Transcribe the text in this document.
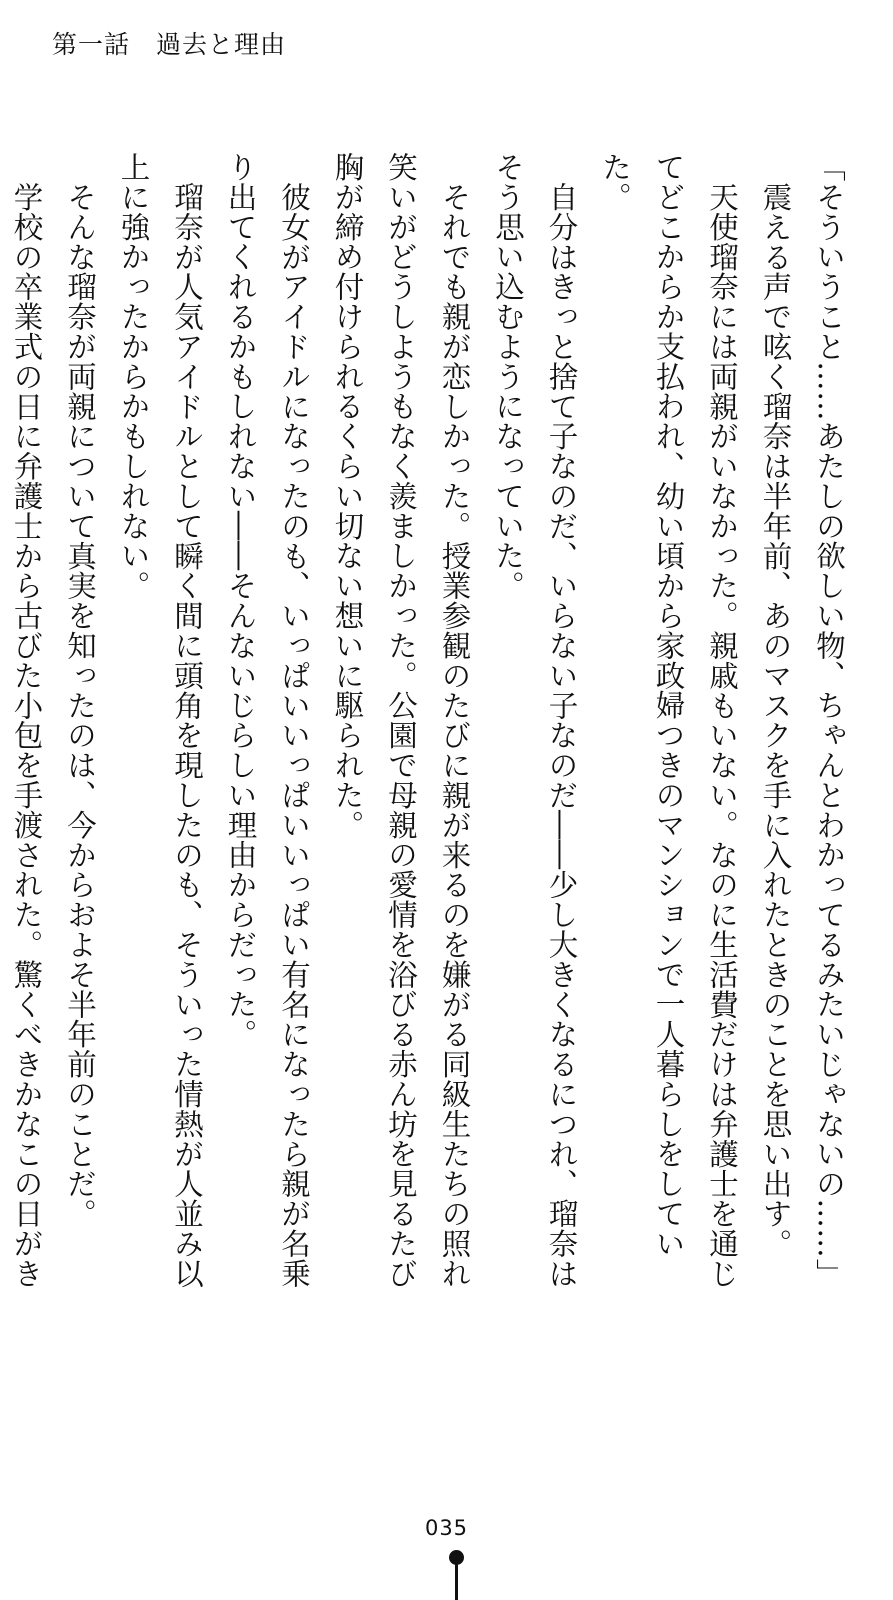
第一話　過去と理由

「そういうこと……あたしの欲しい物、ちゃんとわかってるみたいじゃないの……」

震える声で呟く瑠奈は半年前、あのマスクを手に入れたときのことを思い出す。

天使瑠奈には両親がいなかった。親戚もいない。なのに生活費だけは弁護士を通じてどこからか支払われ、幼い頃から家政婦つきのマンションで一人暮らしをしていた。

自分はきっと捨て子なのだ、いらない子なのだ――少し大きくなるにつれ、瑠奈はそう思い込むようになっていた。

それでも親が恋しかった。授業参観のたびに親が来るのを嫌がる同級生たちの照れ笑いがどうしようもなく羨ましかった。公園で母親の愛情を浴びる赤ん坊を見るたび胸が締め付けられるくらい切ない想いに駆られた。

彼女がアイドルになったのも、いっぱいいっぱいいっぱい有名になったら親が名乗り出てくれるかもしれない――そんないじらしい理由からだった。

瑠奈が人気アイドルとして瞬く間に頭角を現したのも、そういった情熱が人並み以上に強かったからかもしれない。

そんな瑠奈が両親について真実を知ったのは、今からおよそ半年前のことだ。

学校の卒業式の日に弁護士から古びた小包を手渡された。驚くべきかなこの日がき

035
